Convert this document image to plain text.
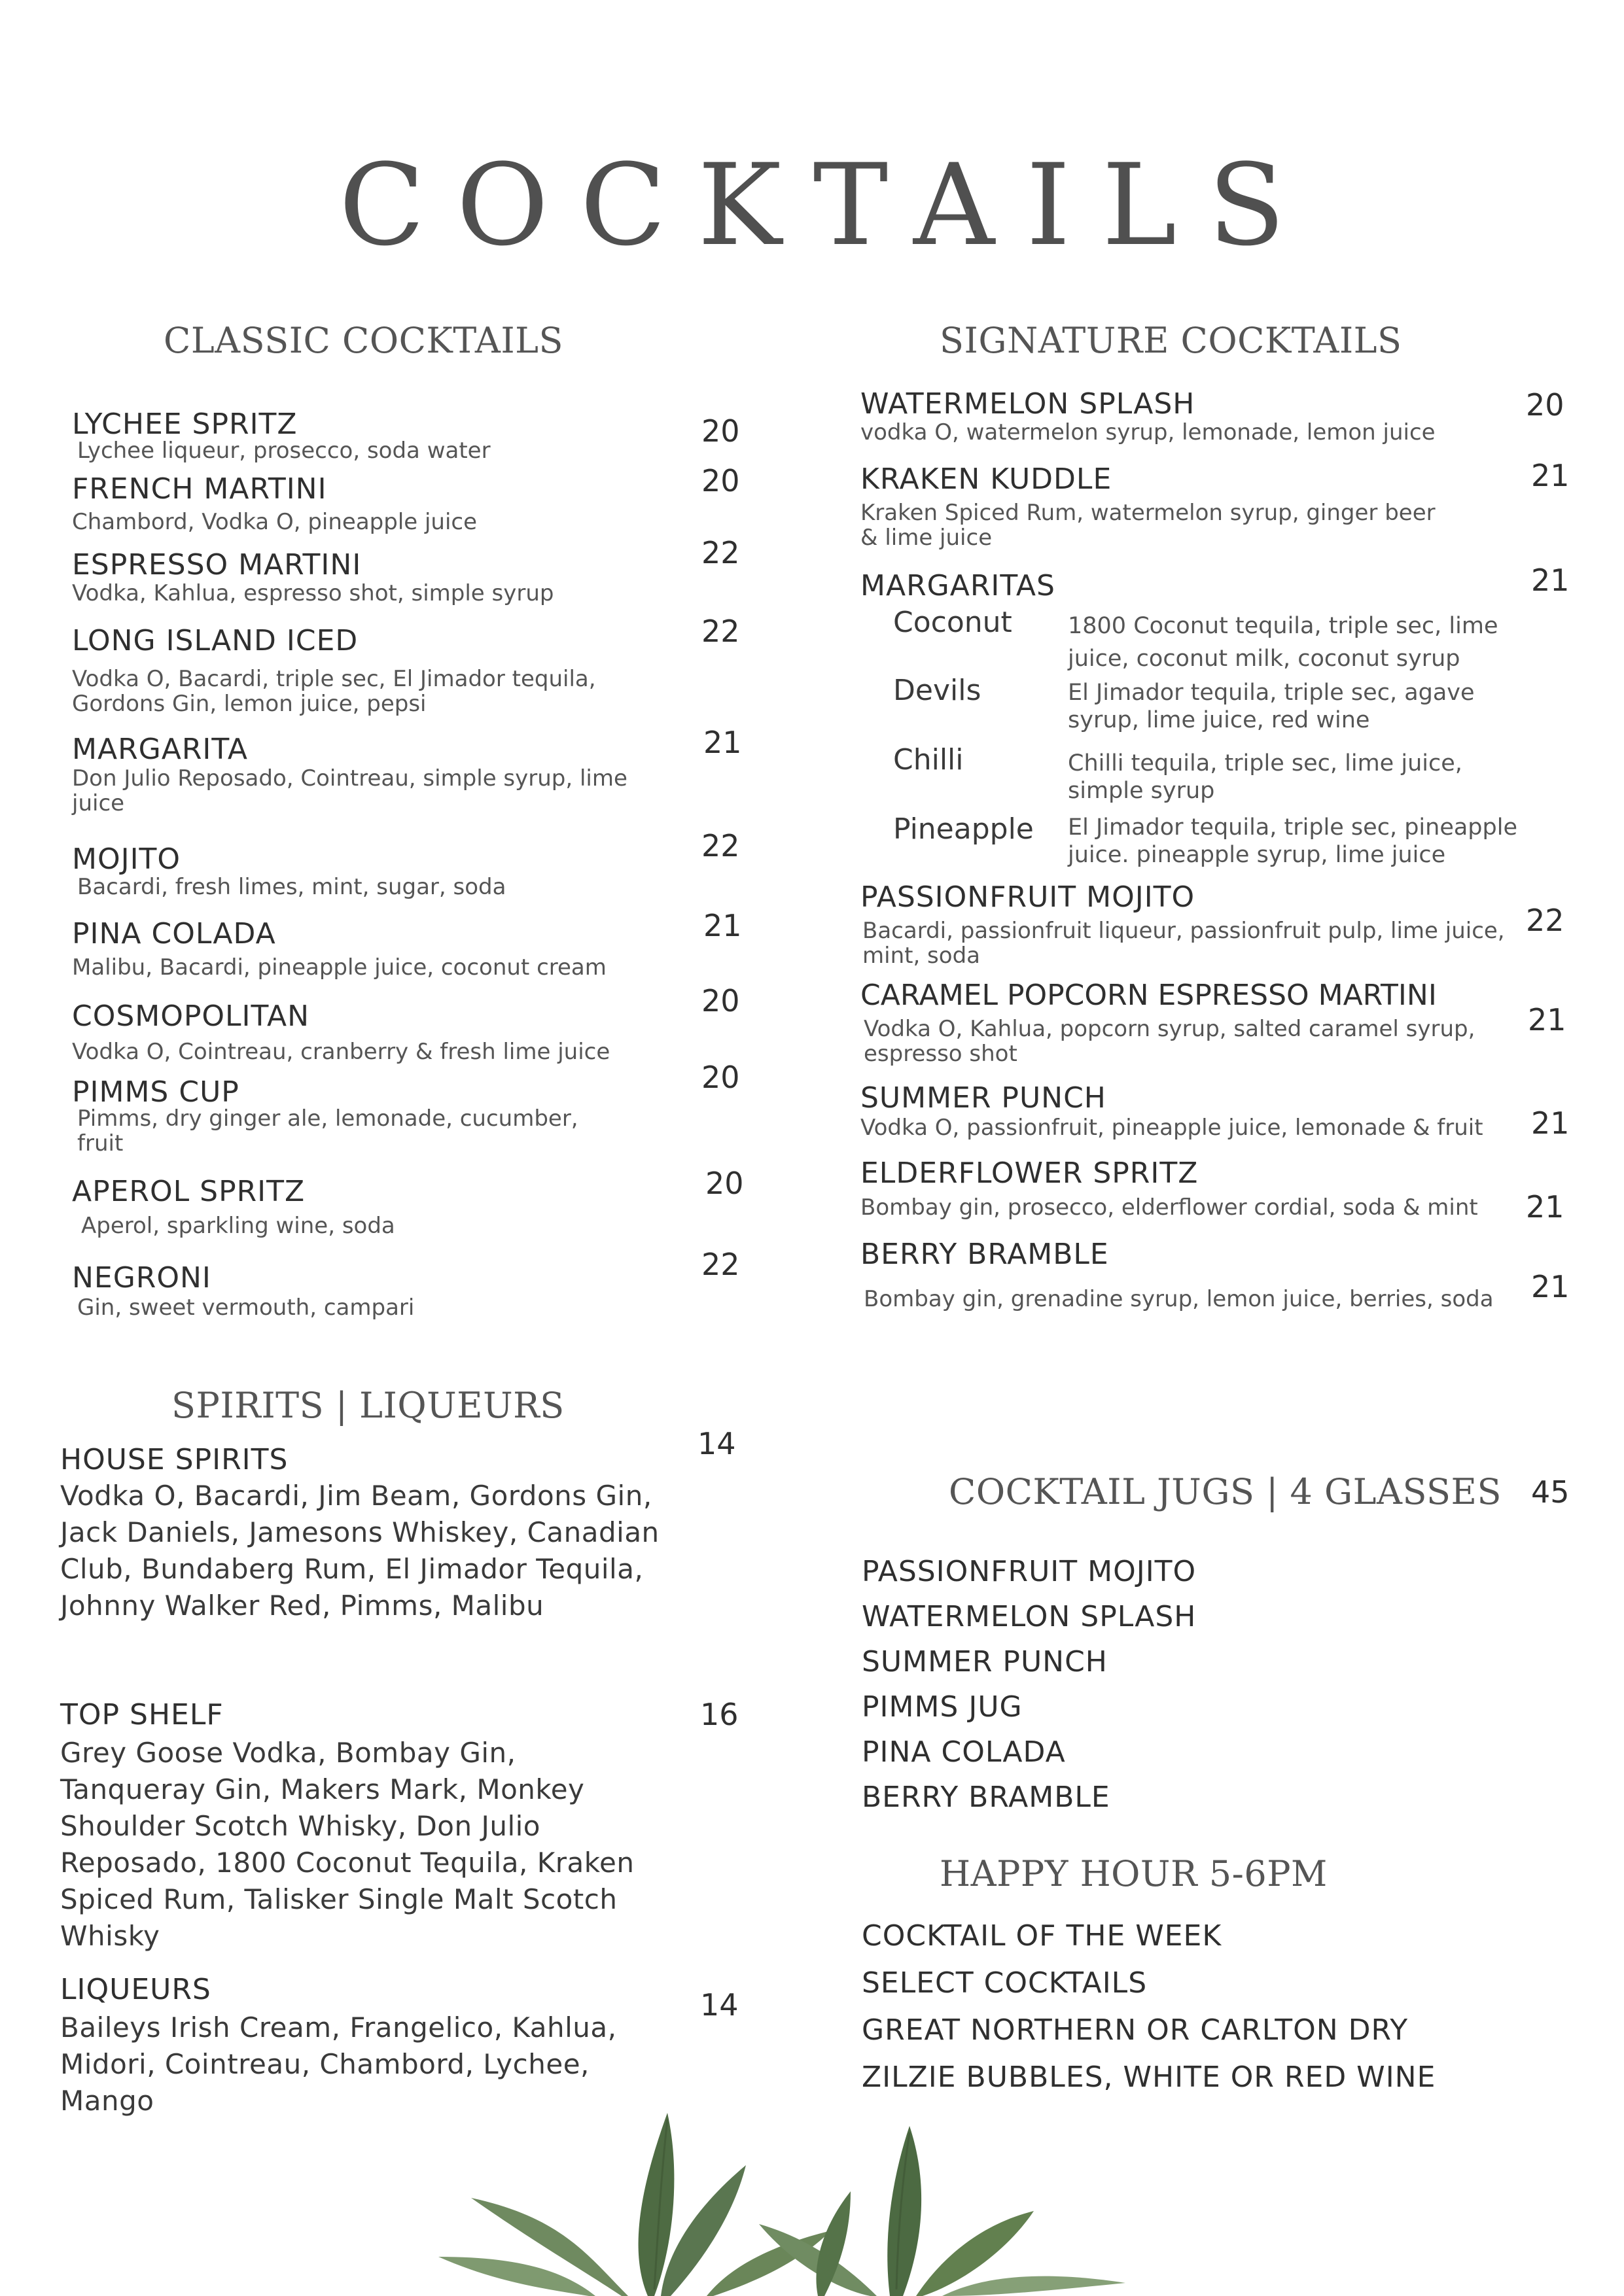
COCKTAILS
CLASSIC COCKTAILS
LYCHEE SPRITZ
Lychee liqueur, prosecco, soda water
20
FRENCH MARTINI
Chambord, Vodka O, pineapple juice
20
ESPRESSO MARTINI
Vodka, Kahlua, espresso shot, simple syrup
22
LONG ISLAND ICED
Vodka O, Bacardi, triple sec, El Jimador tequila, Gordons Gin, lemon juice, pepsi
22
MARGARITA
Don Julio Reposado, Cointreau, simple syrup, lime juice
21
MOJITO
Bacardi, fresh limes, mint, sugar, soda
22
PINA COLADA
Malibu, Bacardi, pineapple juice, coconut cream
21
COSMOPOLITAN
Vodka O, Cointreau, cranberry & fresh lime juice
20
PIMMS CUP
Pimms, dry ginger ale, lemonade, cucumber, fruit
20
APEROL SPRITZ
Aperol, sparkling wine, soda
20
NEGRONI
Gin, sweet vermouth, campari
22
SIGNATURE COCKTAILS
WATERMELON SPLASH
vodka O, watermelon syrup, lemonade, lemon juice
20
KRAKEN KUDDLE
Kraken Spiced Rum, watermelon syrup, ginger beer & lime juice
21
MARGARITAS	21
Coconut 1800 Coconut tequila, triple sec, lime juice, coconut milk, coconut syrup
Devils	El Jimador tequila, triple sec, agave syrup, lime juice, red wine
Chilli	Chilli tequila, triple sec, lime juice, simple syrup
Pineapple El Jimador tequila, triple sec, pineapple juice. pineapple syrup, lime juice
PASSIONFRUIT MOJITO
Bacardi, passionfruit liqueur, passionfruit pulp, lime juice, mint, soda
22
CARAMEL POPCORN ESPRESSO MARTINI
Vodka O, Kahlua, popcorn syrup, salted caramel syrup, espresso shot
21
SUMMER PUNCH
Vodka O, passionfruit, pineapple juice, lemonade & fruit	21
ELDERFLOWER SPRITZ
Bombay gin, prosecco, elderflower cordial, soda & mint	21
BERRY BRAMBLE
Bombay gin, grenadine syrup, lemon juice, berries, soda	21
SPIRITS | LIQUEURS
HOUSE SPIRITS
Vodka O, Bacardi, Jim Beam, Gordons Gin, Jack Daniels, Jamesons Whiskey, Canadian Club, Bundaberg Rum, El Jimador Tequila, Johnny Walker Red, Pimms, Malibu
14
TOP SHELF
Grey Goose Vodka, Bombay Gin, Tanqueray Gin, Makers Mark, Monkey Shoulder Scotch Whisky, Don Julio Reposado, 1800 Coconut Tequila, Kraken Spiced Rum, Talisker Single Malt Scotch Whisky
16
LIQUEURS
Baileys Irish Cream, Frangelico, Kahlua, Midori, Cointreau, Chambord, Lychee, Mango
14
COCKTAIL JUGS | 4 GLASSES 45
PASSIONFRUIT MOJITO
WATERMELON SPLASH
SUMMER PUNCH
PIMMS JUG
PINA COLADA
BERRY BRAMBLE
HAPPY HOUR 5-6PM
COCKTAIL OF THE WEEK
SELECT COCKTAILS
GREAT NORTHERN OR CARLTON DRY
ZILZIE BUBBLES, WHITE OR RED WINE
